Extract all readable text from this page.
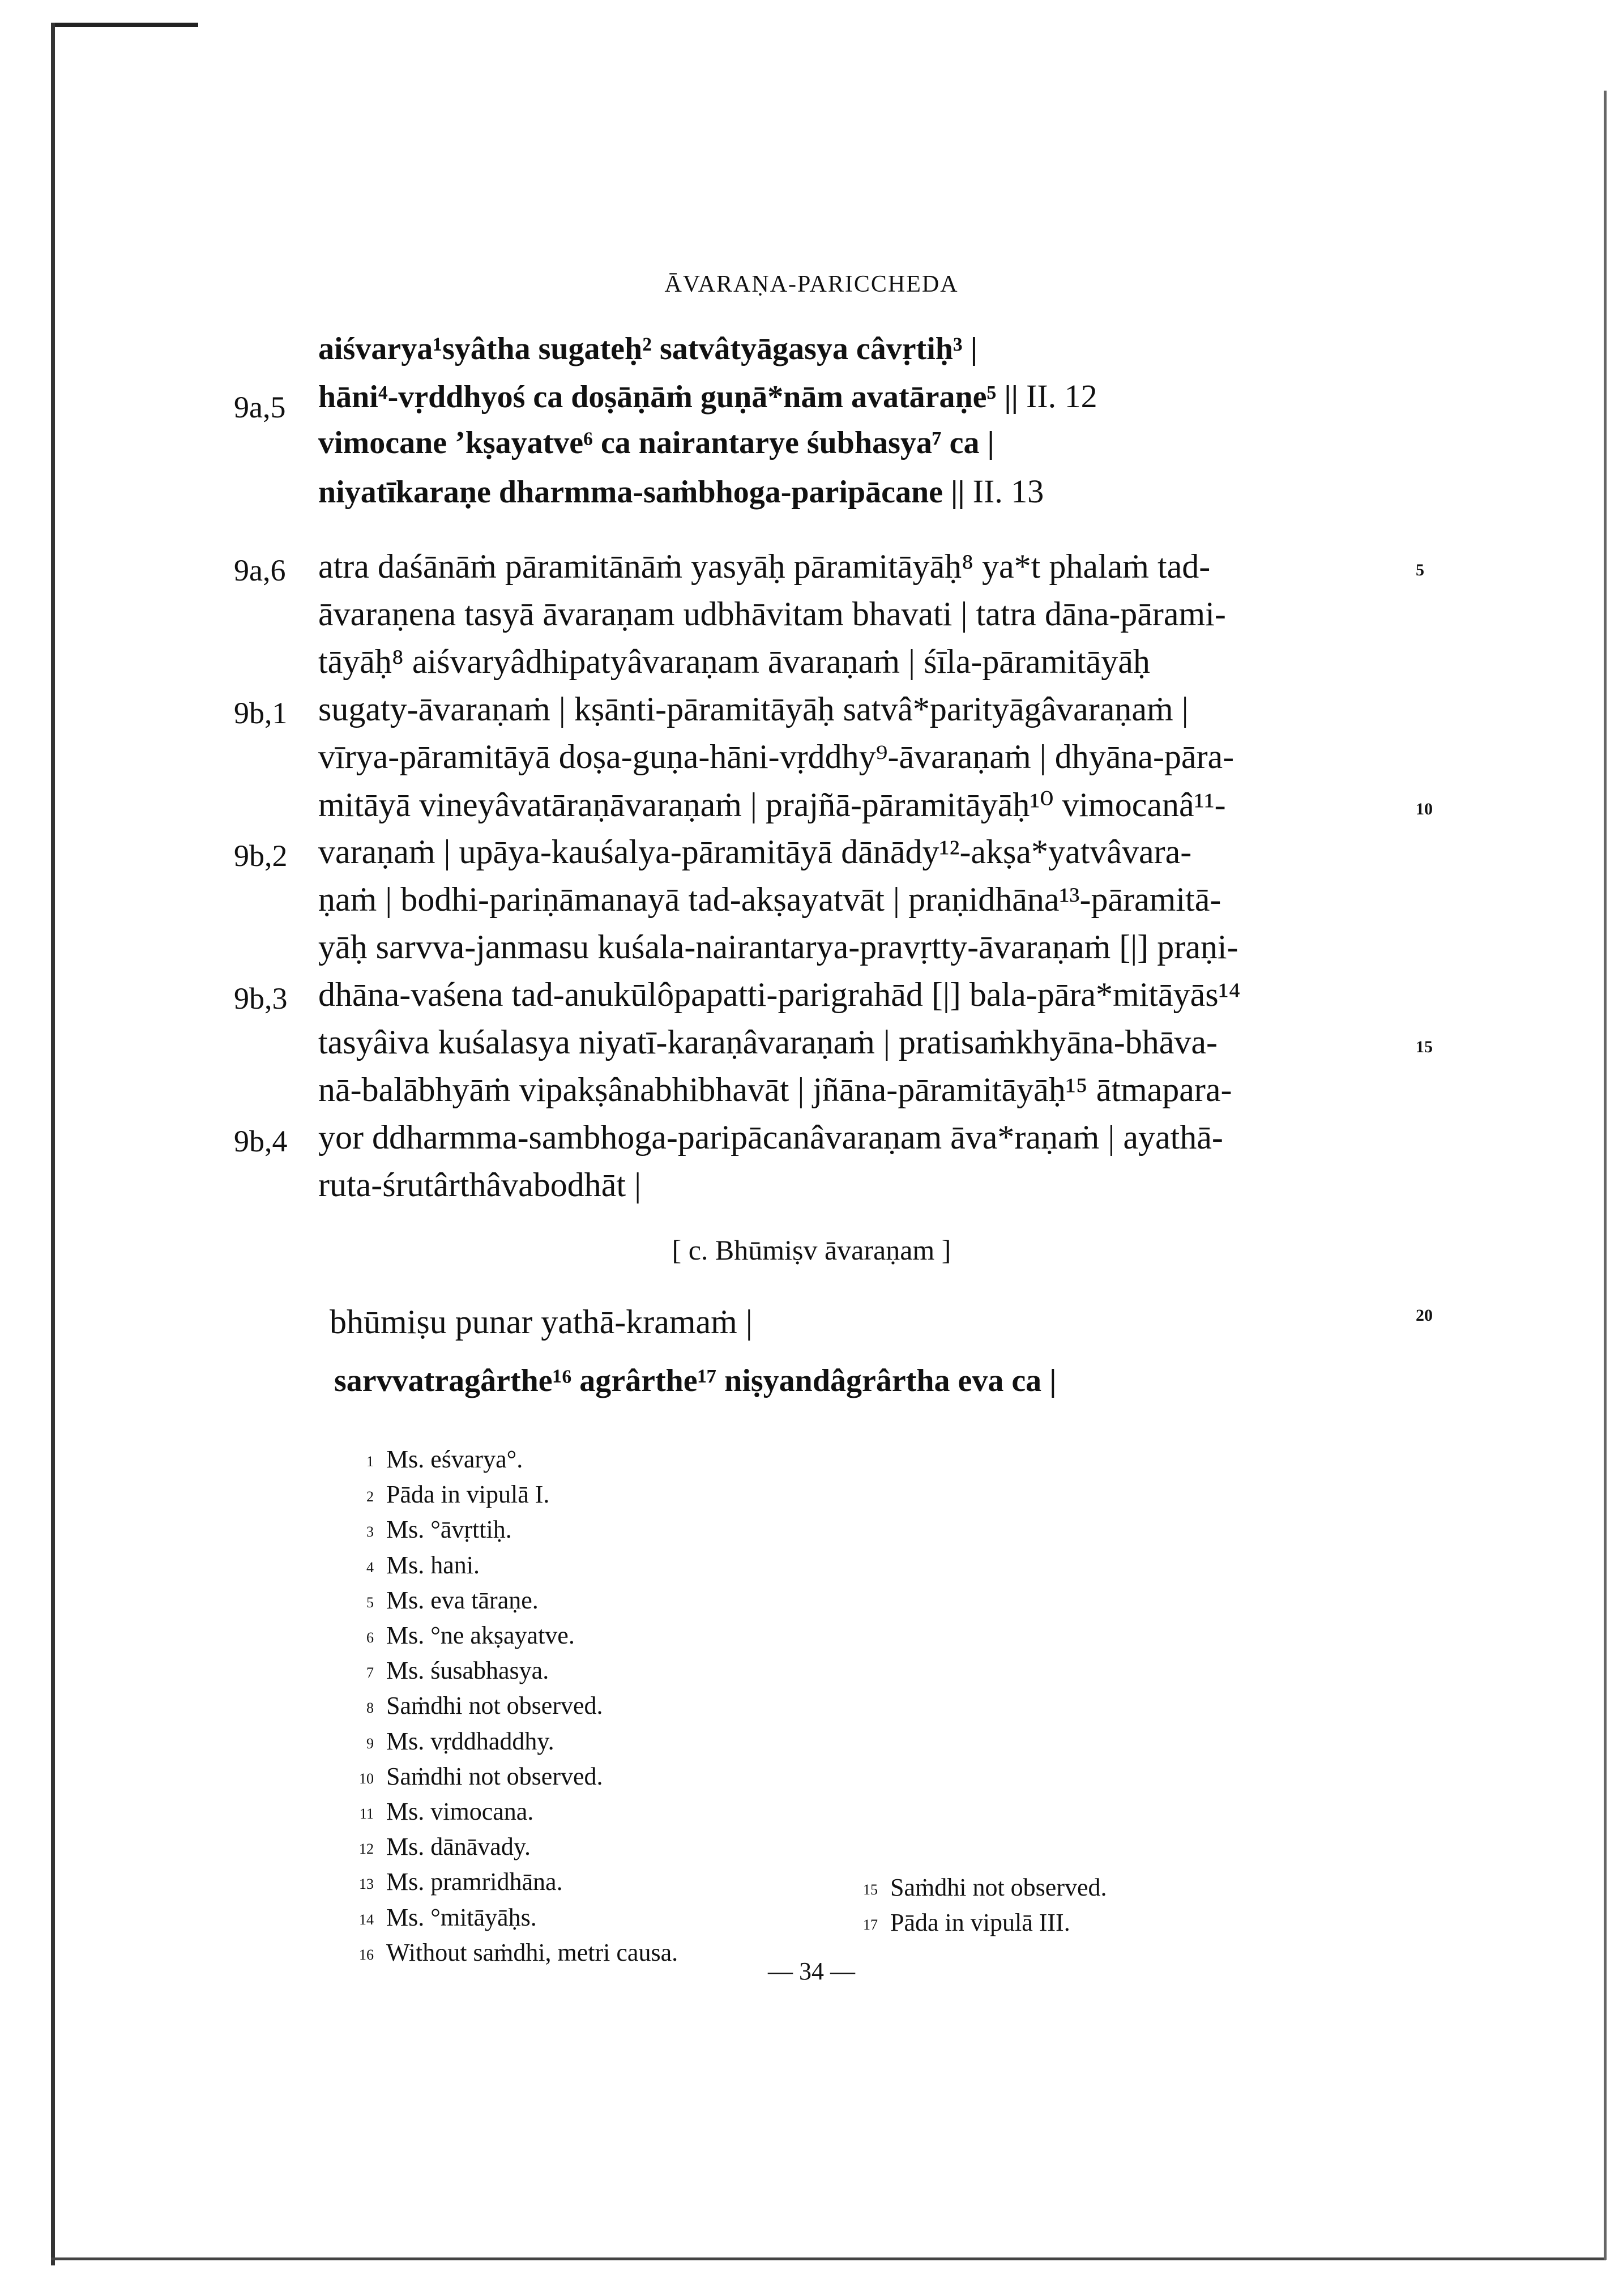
ĀVARAṆA-PARICCHEDA
aiśvarya¹syâtha sugateḥ² satvâtyāgasya câvṛtiḥ³ |
9a,5 hāni⁴-vṛddhyoś ca doṣāṇāṁ guṇā*nām avatāraṇe⁵ || II. 12
vimocane ’kṣayatve⁶ ca nairantarye śubhasya⁷ ca |
niyatīkaraṇe dharmma-saṁbhoga-paripācane || II. 13
9a,6 atra daśānāṁ pāramitānāṁ yasyāḥ pāramitāyāḥ⁸ ya*t phalaṁ tad-	5
āvaraṇena tasyā āvaraṇam udbhāvitam bhavati | tatra dāna-pārami-
tāyāḥ⁸ aiśvaryâdhipatyâvaraṇam āvaraṇaṁ | śīla-pāramitāyāḥ
9b,1 sugaty-āvaraṇaṁ | kṣānti-pāramitāyāḥ satvâ*parityāgâvaraṇaṁ |
vīrya-pāramitāyā doṣa-guṇa-hāni-vṛddhy⁹-āvaraṇaṁ | dhyāna-pāra-
mitāyā vineyâvatāraṇāvaraṇaṁ | prajñā-pāramitāyāḥ¹⁰ vimocanâ¹¹-	10
9b,2 varaṇaṁ | upāya-kauśalya-pāramitāyā dānādy¹²-akṣa*yatvâvara-
ṇaṁ | bodhi-pariṇāmanayā tad-akṣayatvāt | praṇidhāna¹³-pāramitā-
yāḥ sarvva-janmasu kuśala-nairantarya-pravṛtty-āvaraṇaṁ [|] praṇi-
9b,3 dhāna-vaśena tad-anukūlôpapatti-parigrahād [|] bala-pāra*mitāyās¹⁴
tasyâiva kuśalasya niyatī-karaṇâvaraṇaṁ | pratisaṁkhyāna-bhāva-	15
nā-balābhyāṁ vipakṣânabhibhavāt | jñāna-pāramitāyāḥ¹⁵ ātmapara-
9b,4 yor ddharmma-sambhoga-paripācanâvaraṇam āva*raṇaṁ | ayathā-
ruta-śrutârthâvabodhāt |
[ c. Bhūmiṣv āvaraṇam ]
bhūmiṣu punar yathā-kramaṁ |	20
sarvvatragârthe¹⁶ agrârthe¹⁷ niṣyandâgrârtha eva ca |
1 Ms. eśvarya°.
2 Pāda in vipulā I.
3 Ms. °āvṛttiḥ.
4 Ms. hani.
5 Ms. eva tāraṇe.
6 Ms. °ne akṣayatve.
7 Ms. śusabhasya.
8 Saṁdhi not observed.
9 Ms. vṛddhaddhy.
10 Saṁdhi not observed.
11 Ms. vimocana.
12 Ms. dānāvady.
13 Ms. pramridhāna.
14 Ms. °mitāyāḥs.
16 Without saṁdhi, metri causa.
15 Saṁdhi not observed.
17 Pāda in vipulā III.
— 34 —
